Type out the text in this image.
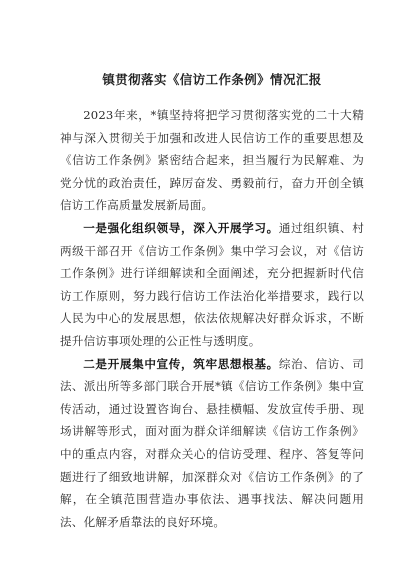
镇贯彻落实《信访工作条例》情况汇报

2023年来，*镇坚持将把学习贯彻落实党的二十大精神与深入贯彻关于加强和改进人民信访工作的重要思想及《信访工作条例》紧密结合起来，担当履行为民解难、为党分忧的政治责任，踔厉奋发、勇毅前行，奋力开创全镇信访工作高质量发展新局面。

一是强化组织领导，深入开展学习。通过组织镇、村两级干部召开《信访工作条例》集中学习会议，对《信访工作条例》进行详细解读和全面阐述，充分把握新时代信访工作原则，努力践行信访工作法治化举措要求，践行以人民为中心的发展思想，依法依规解决好群众诉求，不断提升信访事项处理的公正性与透明度。

二是开展集中宣传，筑牢思想根基。综治、信访、司法、派出所等多部门联合开展*镇《信访工作条例》集中宣传活动，通过设置咨询台、悬挂横幅、发放宣传手册、现场讲解等形式，面对面为群众详细解读《信访工作条例》中的重点内容，对群众关心的信访受理、程序、答复等问题进行了细致地讲解，加深群众对《信访工作条例》的了解，在全镇范围营造办事依法、遇事找法、解决问题用法、化解矛盾靠法的良好环境。
